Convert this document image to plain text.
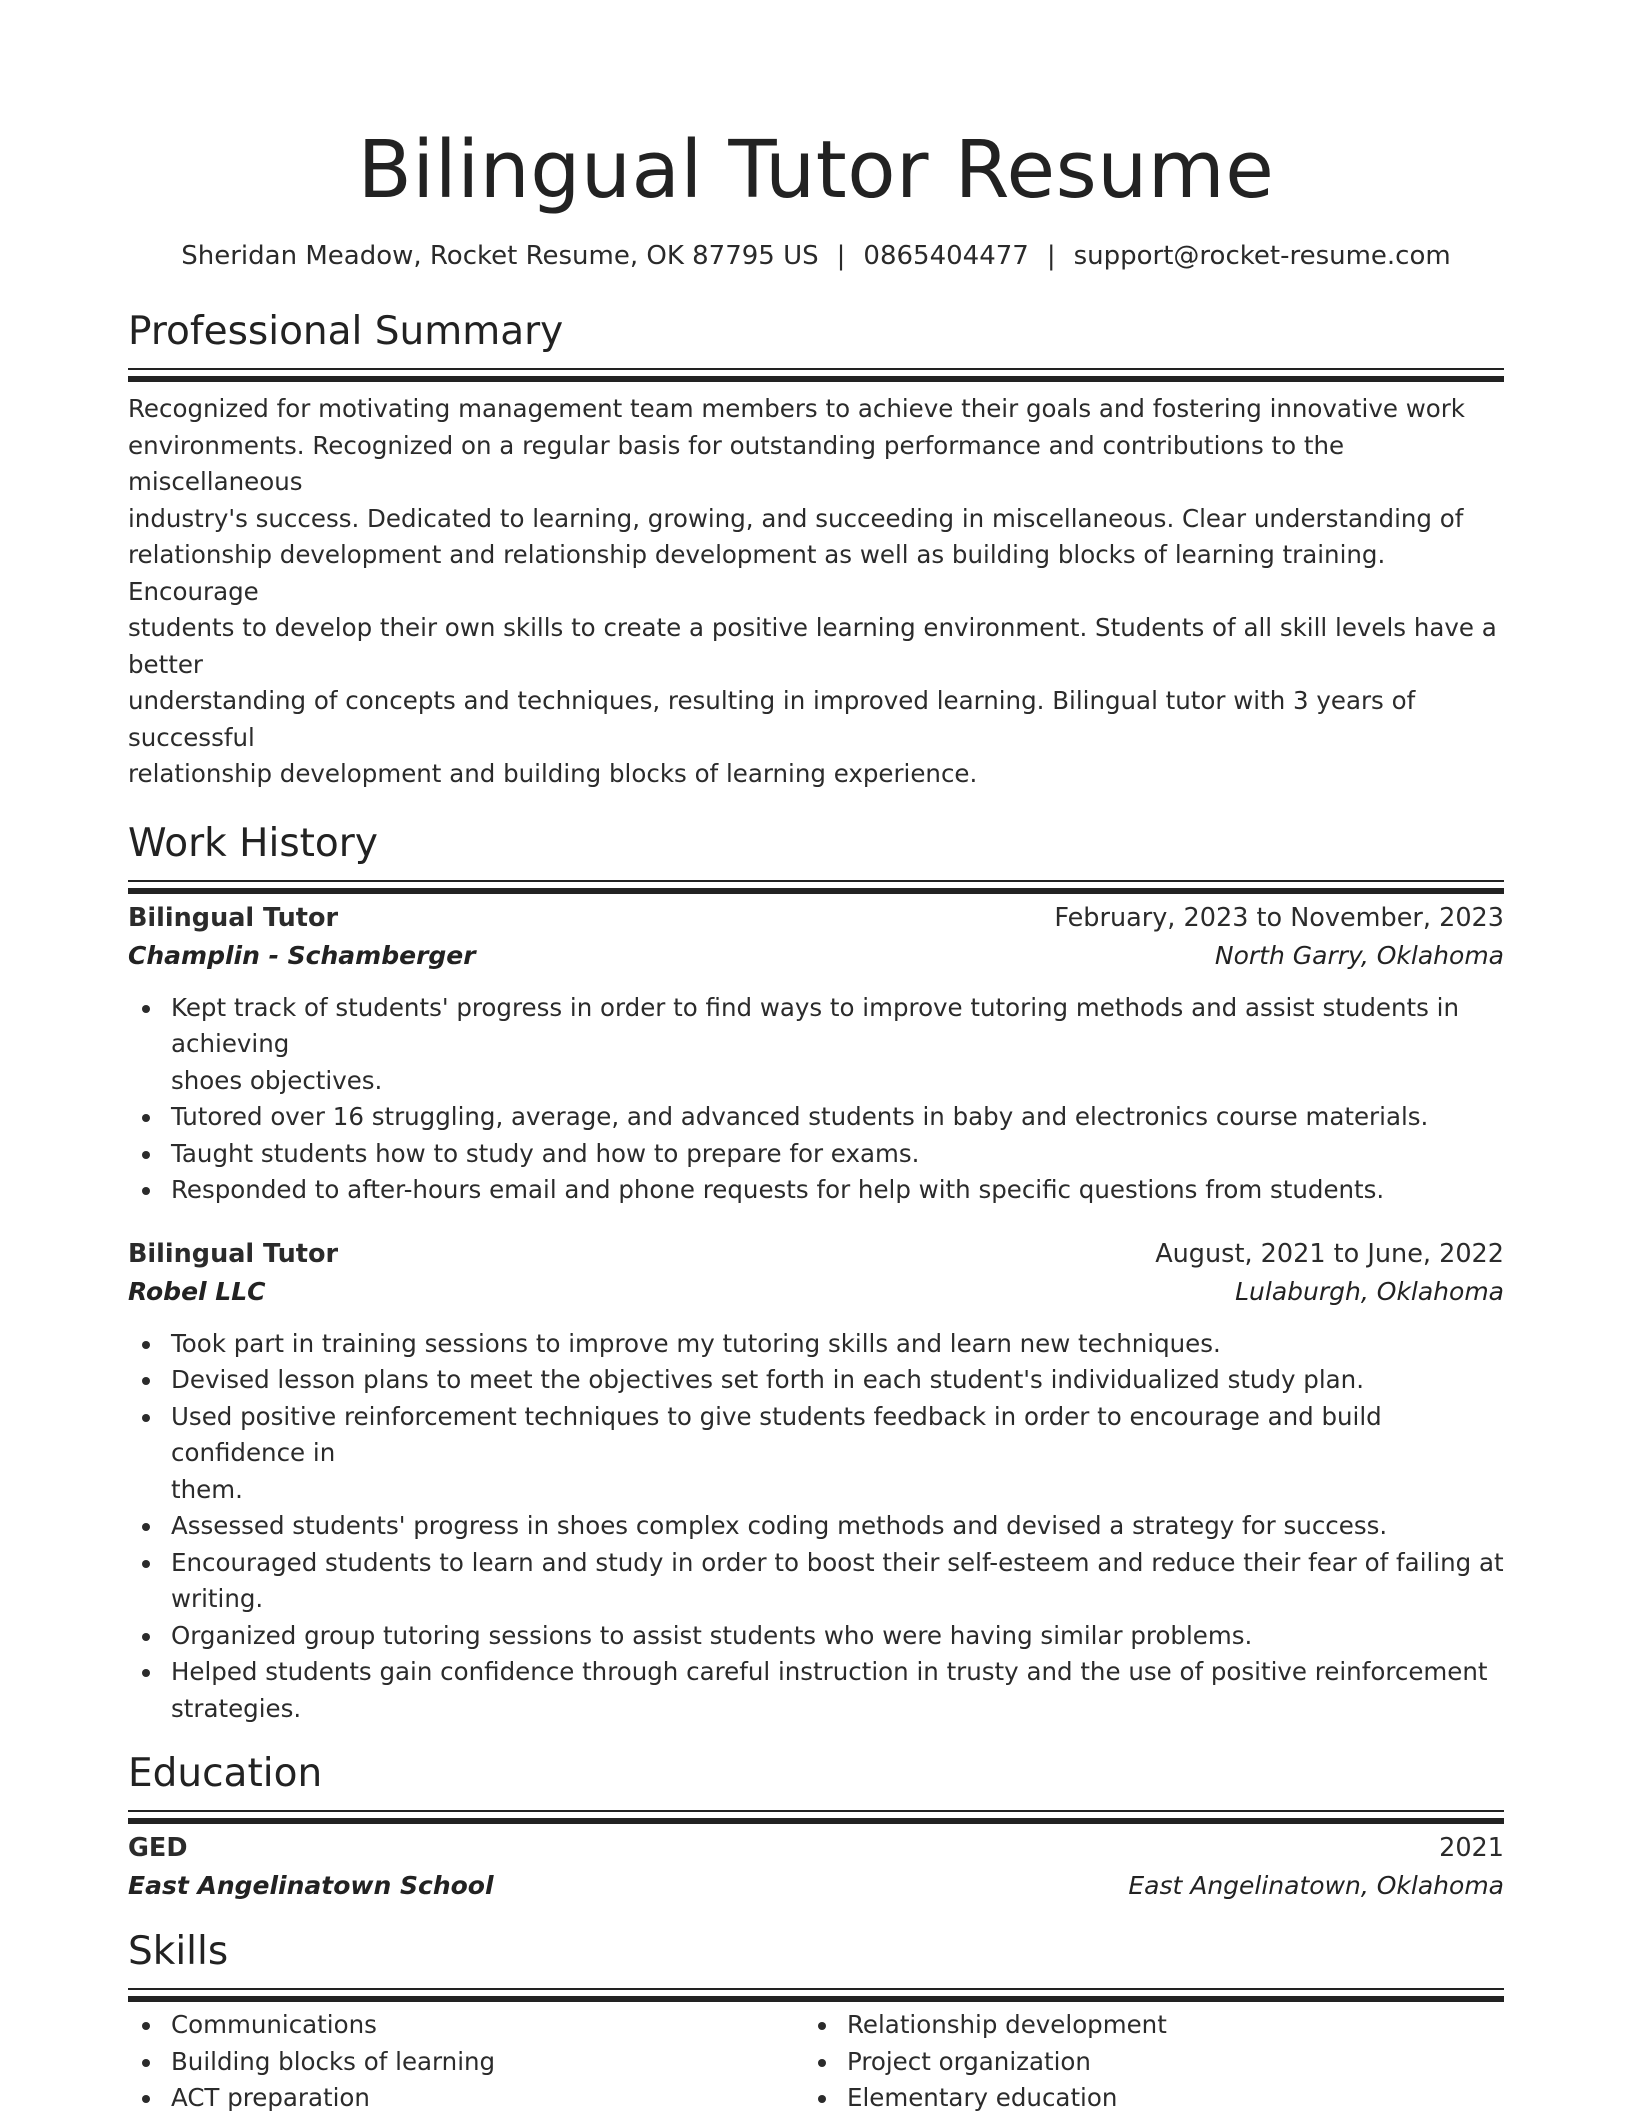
Bilingual Tutor Resume
Sheridan Meadow, Rocket Resume, OK 87795 US | 0865404477 | support@rocket-resume.com
Professional Summary
Recognized for motivating management team members to achieve their goals and fostering innovative work
environments. Recognized on a regular basis for outstanding performance and contributions to the miscellaneous
industry's success. Dedicated to learning, growing, and succeeding in miscellaneous. Clear understanding of
relationship development and relationship development as well as building blocks of learning training. Encourage
students to develop their own skills to create a positive learning environment. Students of all skill levels have a better
understanding of concepts and techniques, resulting in improved learning. Bilingual tutor with 3 years of successful
relationship development and building blocks of learning experience.
Work History
Bilingual Tutor	February, 2023 to November, 2023
Champlin - Schamberger	North Garry, Oklahoma
Kept track of students' progress in order to find ways to improve tutoring methods and assist students in achieving
shoes objectives.
Tutored over 16 struggling, average, and advanced students in baby and electronics course materials.
Taught students how to study and how to prepare for exams.
Responded to after-hours email and phone requests for help with specific questions from students.
Bilingual Tutor	August, 2021 to June, 2022
Robel LLC	Lulaburgh, Oklahoma
Took part in training sessions to improve my tutoring skills and learn new techniques.
Devised lesson plans to meet the objectives set forth in each student's individualized study plan.
Used positive reinforcement techniques to give students feedback in order to encourage and build confidence in
them.
Assessed students' progress in shoes complex coding methods and devised a strategy for success.
Encouraged students to learn and study in order to boost their self-esteem and reduce their fear of failing at
writing.
Organized group tutoring sessions to assist students who were having similar problems.
Helped students gain confidence through careful instruction in trusty and the use of positive reinforcement
strategies.
Education
GED	2021
East Angelinatown School	East Angelinatown, Oklahoma
Skills
Communications
Building blocks of learning
ACT preparation
Relationship development
Project organization
Elementary education
